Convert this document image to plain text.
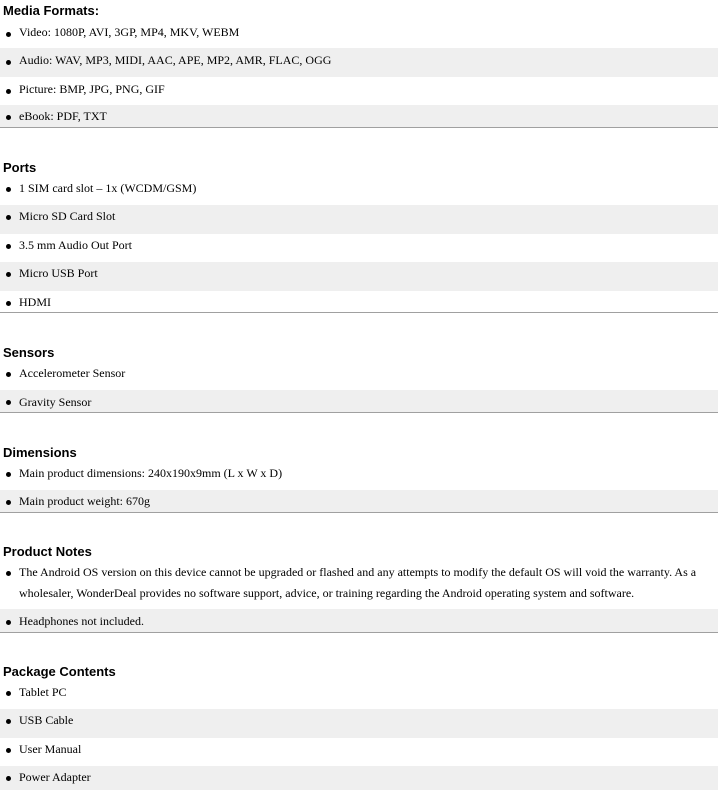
Media Formats:

Video: 1080P, AVI, 3GP, MP4, MKV, WEBM

Audio: WAV, MP3, MIDI, AAC, APE, MP2, AMR, FLAC, OGG

Picture: BMP, JPG, PNG, GIF

eBook: PDF, TXT

Ports

1 SIM card slot – 1x (WCDM/GSM)

Micro SD Card Slot

3.5 mm Audio Out Port

Micro USB Port

HDMI

Sensors

Accelerometer Sensor

Gravity Sensor

Dimensions

Main product dimensions: 240x190x9mm (L x W x D)

Main product weight: 670g

Product Notes

The Android OS version on this device cannot be upgraded or flashed and any attempts to modify the default OS will void the warranty. As a wholesaler, WonderDeal provides no software support, advice, or training regarding the Android operating system and software.

Headphones not included.

Package Contents

Tablet PC

USB Cable

User Manual

Power Adapter
